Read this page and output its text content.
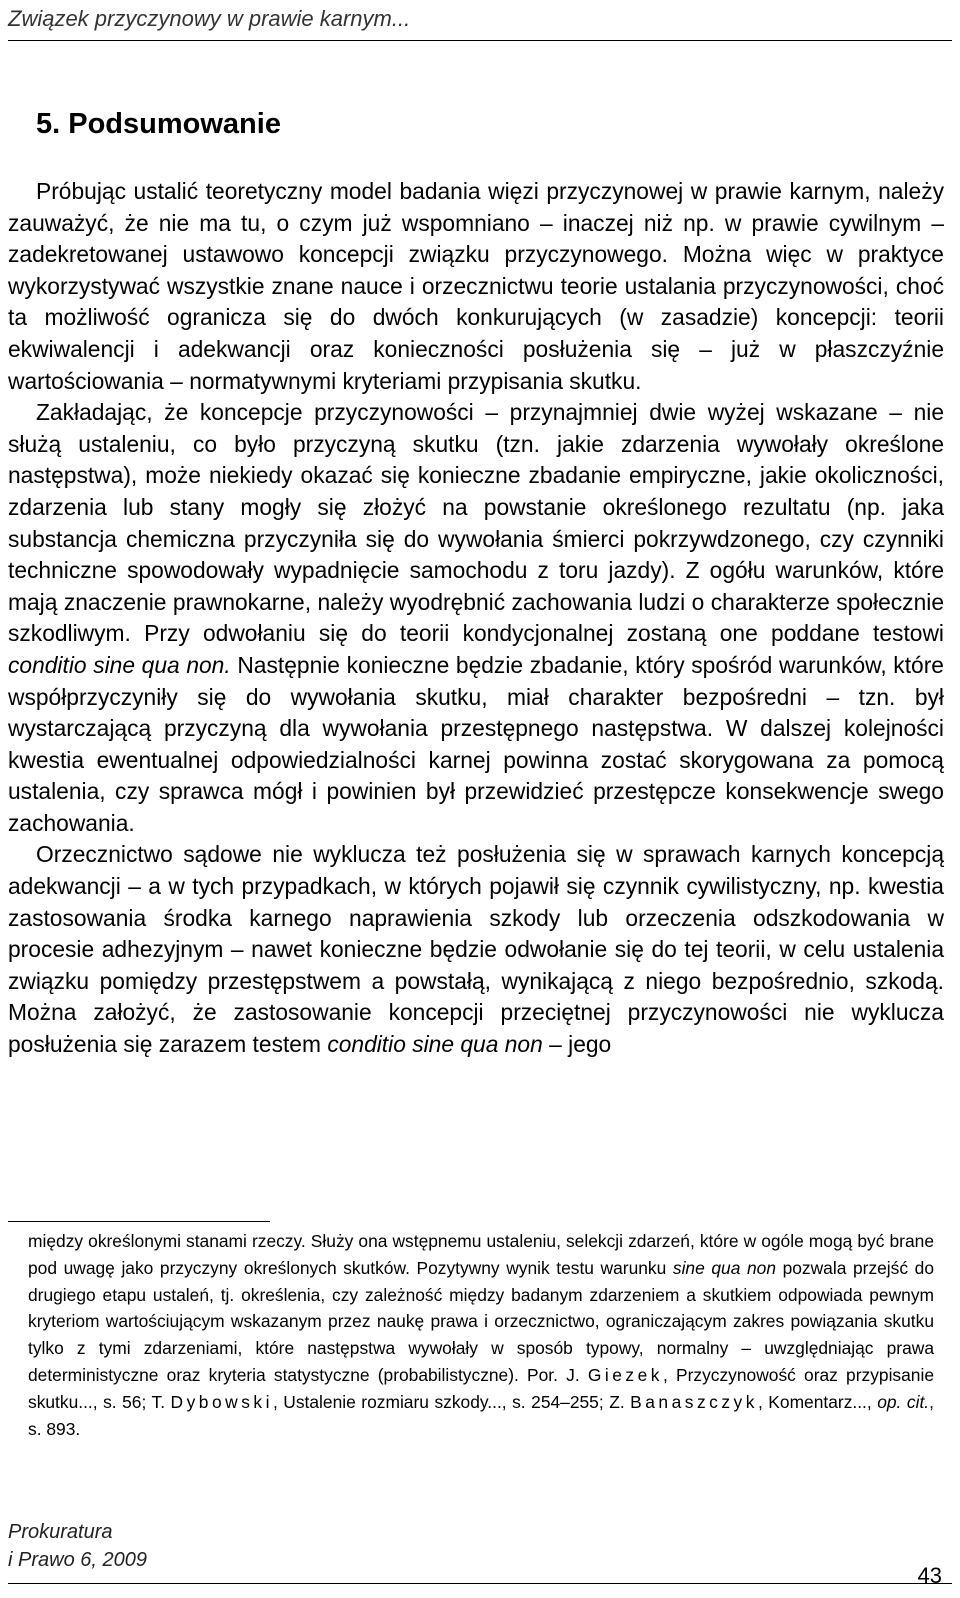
Związek przyczynowy w prawie karnym...
5. Podsumowanie

Próbując ustalić teoretyczny model badania więzi przyczynowej w prawie karnym, należy zauważyć, że nie ma tu, o czym już wspomniano – inaczej niż np. w prawie cywilnym – zadekretowanej ustawowo koncepcji związku przyczynowego. Można więc w praktyce wykorzystywać wszystkie znane nauce i orzecznictwu teorie ustalania przyczynowości, choć ta możliwość ogranicza się do dwóch konkurujących (w zasadzie) koncepcji: teorii ekwiwalencji i adekwancji oraz konieczności posłużenia się – już w płaszczyźnie wartościowania – normatywnymi kryteriami przypisania skutku.

Zakładając, że koncepcje przyczynowości – przynajmniej dwie wyżej wskazane – nie służą ustaleniu, co było przyczyną skutku (tzn. jakie zdarzenia wywołały określone następstwa), może niekiedy okazać się konieczne zbadanie empiryczne, jakie okoliczności, zdarzenia lub stany mogły się złożyć na powstanie określonego rezultatu (np. jaka substancja chemiczna przyczyniła się do wywołania śmierci pokrzywdzonego, czy czynniki techniczne spowodowały wypadnięcie samochodu z toru jazdy). Z ogółu warunków, które mają znaczenie prawnokarne, należy wyodrębnić zachowania ludzi o charakterze społecznie szkodliwym. Przy odwołaniu się do teorii kondycjonalnej zostaną one poddane testowi conditio sine qua non. Następnie konieczne będzie zbadanie, który spośród warunków, które współprzyczyniły się do wywołania skutku, miał charakter bezpośredni – tzn. był wystarczającą przyczyną dla wywołania przestępnego następstwa. W dalszej kolejności kwestia ewentualnej odpowiedzialności karnej powinna zostać skorygowana za pomocą ustalenia, czy sprawca mógł i powinien był przewidzieć przestępcze konsekwencje swego zachowania.

Orzecznictwo sądowe nie wyklucza też posłużenia się w sprawach karnych koncepcją adekwancji – a w tych przypadkach, w których pojawił się czynnik cywilistyczny, np. kwestia zastosowania środka karnego naprawienia szkody lub orzeczenia odszkodowania w procesie adhezyjnym – nawet konieczne będzie odwołanie się do tej teorii, w celu ustalenia związku pomiędzy przestępstwem a powstałą, wynikającą z niego bezpośrednio, szkodą. Można założyć, że zastosowanie koncepcji przeciętnej przyczynowości nie wyklucza posłużenia się zarazem testem conditio sine qua non – jego

między określonymi stanami rzeczy. Służy ona wstępnemu ustaleniu, selekcji zdarzeń, które w ogóle mogą być brane pod uwagę jako przyczyny określonych skutków. Pozytywny wynik testu warunku sine qua non pozwala przejść do drugiego etapu ustaleń, tj. określenia, czy zależność między badanym zdarzeniem a skutkiem odpowiada pewnym kryteriom wartościującym wskazanym przez naukę prawa i orzecznictwo, ograniczającym zakres powiązania skutku tylko z tymi zdarzeniami, które następstwa wywołały w sposób typowy, normalny – uwzględniając prawa deterministyczne oraz kryteria statystyczne (probabilistyczne). Por. J. Giezek, Przyczynowość oraz przypisanie skutku..., s. 56; T. Dybowski, Ustalenie rozmiaru szkody..., s. 254–255; Z. Banaszczyk, Komentarz..., op. cit., s. 893.

Prokuratura
i Prawo 6, 2009
43
